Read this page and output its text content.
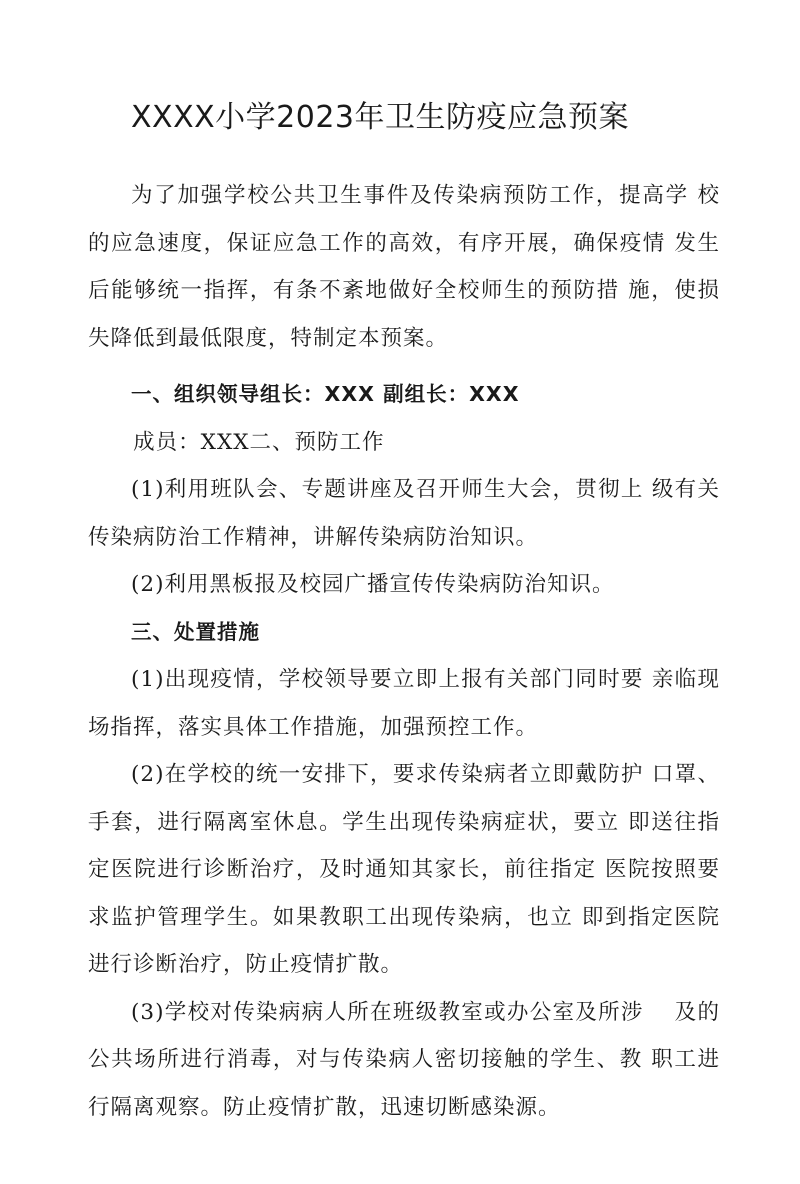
XXXX小学2023年卫生防疫应急预案

为了加强学校公共卫生事件及传染病预防工作，提高学 校的应急速度，保证应急工作的高效，有序开展，确保疫情 发生后能够统一指挥，有条不紊地做好全校师生的预防措 施，使损失降低到最低限度，特制定本预案。

一、组织领导组长：XXX 副组长：XXX

成员：XXX二、预防工作

(1)利用班队会、专题讲座及召开师生大会，贯彻上 级有关传染病防治工作精神，讲解传染病防治知识。

(2)利用黑板报及校园广播宣传传染病防治知识。

三、处置措施

(1)出现疫情，学校领导要立即上报有关部门同时要 亲临现场指挥，落实具体工作措施，加强预控工作。

(2)在学校的统一安排下，要求传染病者立即戴防护 口罩、手套，进行隔离室休息。学生出现传染病症状，要立 即送往指定医院进行诊断治疗，及时通知其家长，前往指定 医院按照要求监护管理学生。如果教职工出现传染病，也立 即到指定医院进行诊断治疗，防止疫情扩散。

(3)学校对传染病病人所在班级教室或办公室及所涉　 及的公共场所进行消毒，对与传染病人密切接触的学生、教 职工进行隔离观察。防止疫情扩散，迅速切断感染源。
